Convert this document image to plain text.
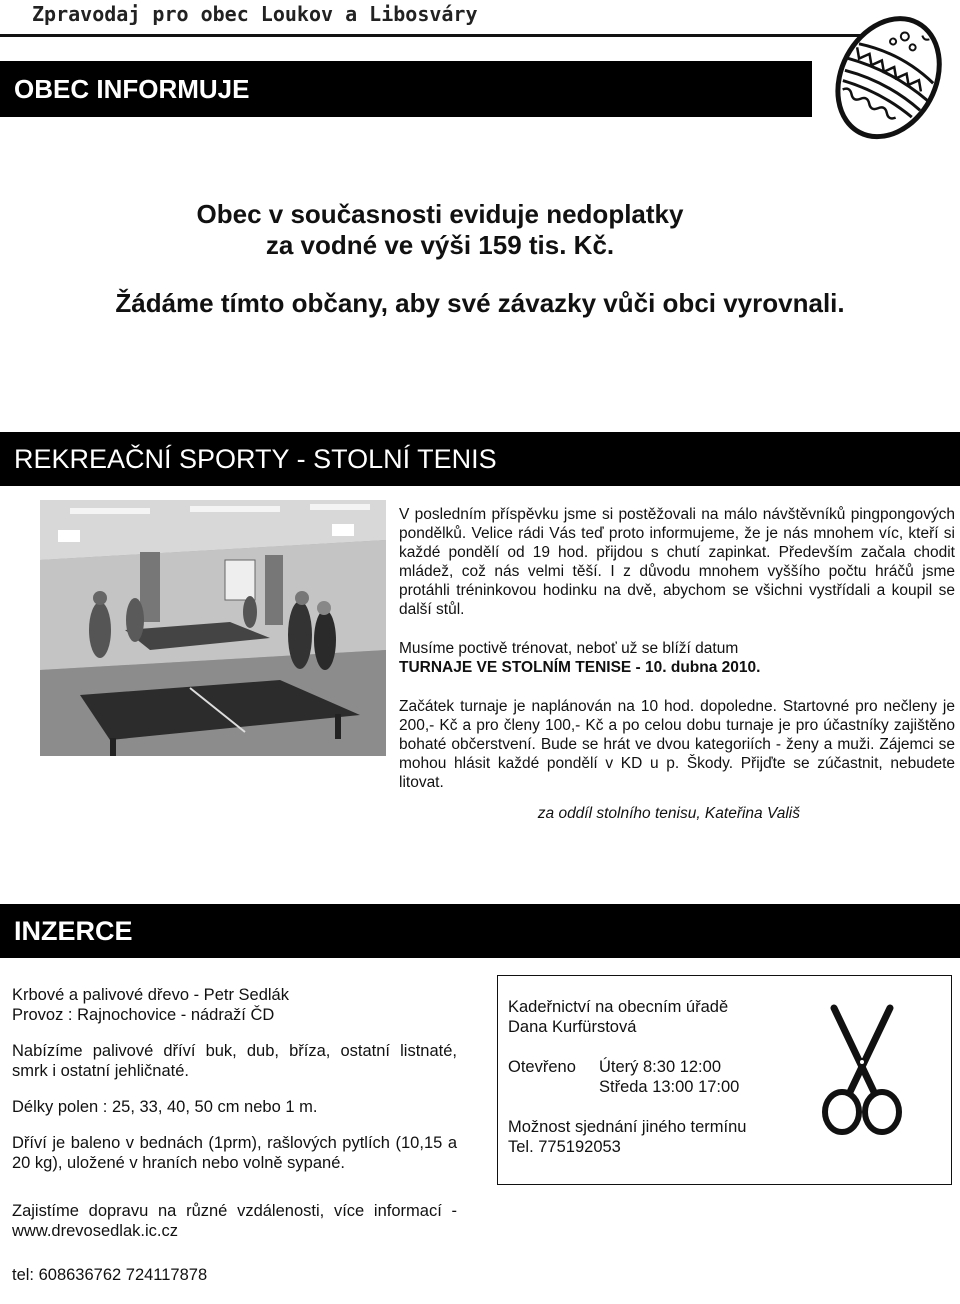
Zpravodaj pro obec Loukov a Libosváry
OBEC INFORMUJE
Obec v současnosti eviduje nedoplatky
za vodné ve výši 159 tis. Kč.
Žádáme tímto občany, aby své závazky vůči obci vyrovnali.
REKREAČNÍ SPORTY - STOLNÍ TENIS

V posledním příspěvku jsme si postěžovali na málo návštěvníků pingpongových pondělků. Velice rádi Vás teď proto informujeme, že je nás mnohem víc, kteří si každé pondělí od 19 hod. přijdou s chutí zapinkat. Především začala chodit mládež, což nás velmi těší. I z důvodu mnohem vyššího počtu hráčů jsme protáhli tréninkovou hodinku na dvě, abychom se všichni vystřídali a koupil se další stůl.

Musíme poctivě trénovat, neboť už se blíží datum

TURNAJE VE STOLNÍM TENISE - 10. dubna 2010.

Začátek turnaje je naplánován na 10 hod. dopoledne. Startovné pro nečleny je 200,- Kč a pro členy 100,- Kč a po celou dobu turnaje je pro účastníky zajištěno bohaté občerstvení. Bude se hrát ve dvou kategoriích - ženy a muži. Zájemci se mohou hlásit každé pondělí v KD u p. Škody. Přijďte se zúčastnit, nebudete litovat.

za oddíl stolního tenisu, Kateřina Vališ
INZERCE
Krbové a palivové dřevo - Petr Sedlák
Provoz : Rajnochovice - nádraží ČD
Nabízíme palivové dříví buk, dub, bříza, ostatní listnaté, smrk i ostatní jehličnaté.
Délky polen : 25, 33, 40, 50 cm nebo 1 m.
Dříví je baleno v bednách (1prm), rašlových pytlích (10,15 a 20 kg), uložené v hraních nebo volně sypané.
Zajistíme dopravu na různé vzdálenosti, více informací - www.drevosedlak.ic.cz
tel: 608636762 724117878
Kadeřnictví na obecním úřadě
Dana Kurfürstová
Otevřeno	Úterý 8:30 12:00
Středa 13:00 17:00
Možnost sjednání jiného termínu
Tel. 775192053
